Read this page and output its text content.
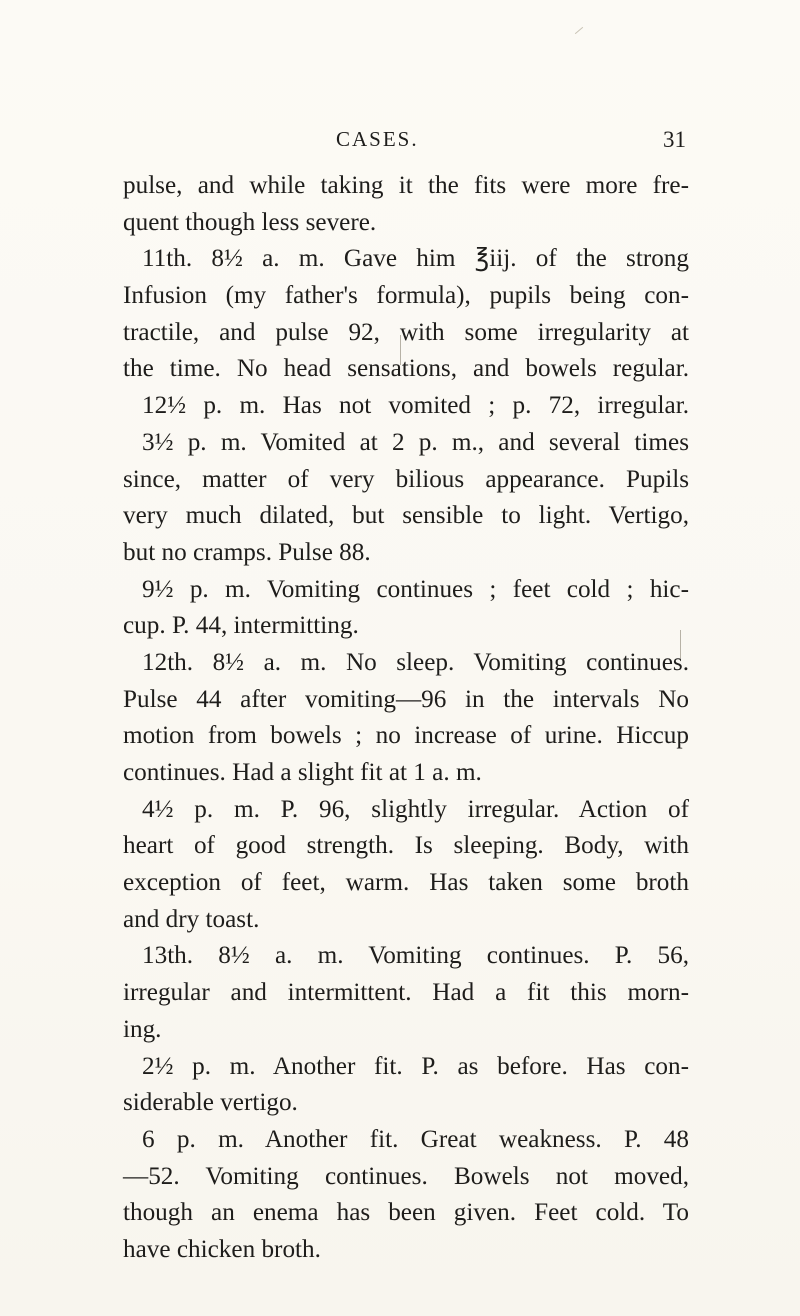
CASES.	31
pulse, and while taking it the fits were more fre-
quent though less severe.
11th. 8½ a. m. Gave him ℥iij. of the strong
Infusion (my father's formula), pupils being con-
tractile, and pulse 92, with some irregularity at
the time. No head sensations, and bowels regular.
12½ p. m. Has not vomited ; p. 72, irregular.
3½ p. m. Vomited at 2 p. m., and several times
since, matter of very bilious appearance. Pupils
very much dilated, but sensible to light. Vertigo,
but no cramps. Pulse 88.
9½ p. m. Vomiting continues ; feet cold ; hic-
cup. P. 44, intermitting.
12th. 8½ a. m. No sleep. Vomiting continues.
Pulse 44 after vomiting—96 in the intervals No
motion from bowels ; no increase of urine. Hiccup
continues. Had a slight fit at 1 a. m.
4½ p. m. P. 96, slightly irregular. Action of
heart of good strength. Is sleeping. Body, with
exception of feet, warm. Has taken some broth
and dry toast.
13th. 8½ a. m. Vomiting continues. P. 56,
irregular and intermittent. Had a fit this morn-
ing.
2½ p. m. Another fit. P. as before. Has con-
siderable vertigo.
6 p. m. Another fit. Great weakness. P. 48
—52. Vomiting continues. Bowels not moved,
though an enema has been given. Feet cold. To
have chicken broth.
